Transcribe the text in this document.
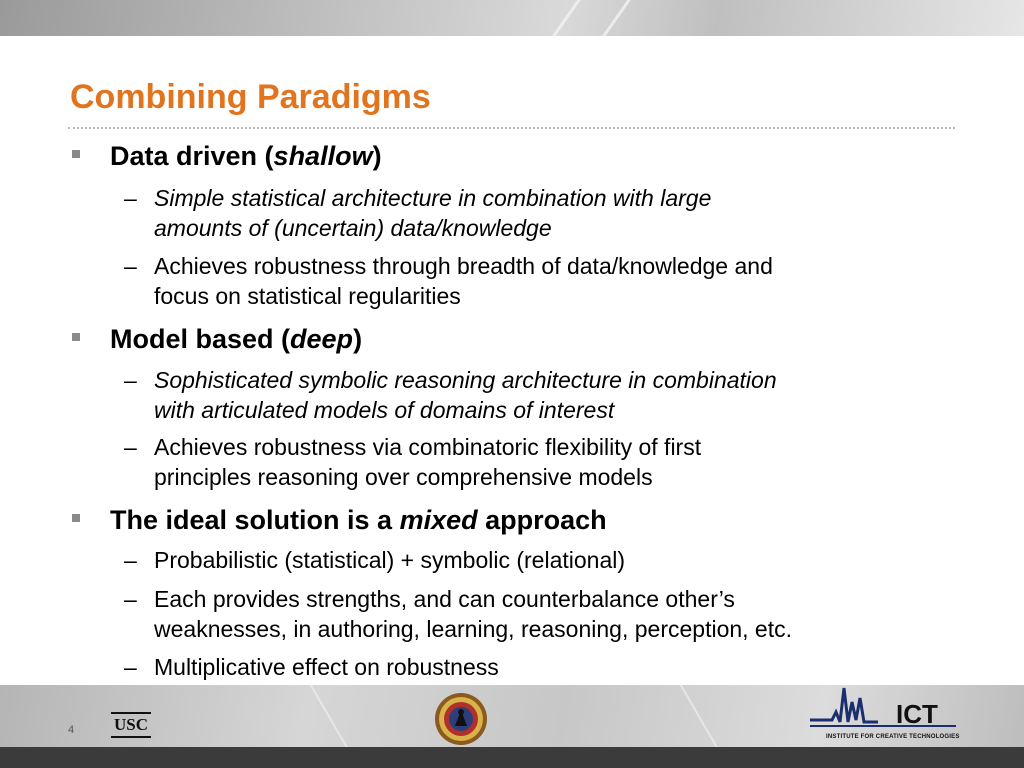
Combining Paradigms
Data driven (shallow)
– Simple statistical architecture in combination with large
amounts of (uncertain) data/knowledge
– Achieves robustness through breadth of data/knowledge and
focus on statistical regularities
Model based (deep)
– Sophisticated symbolic reasoning architecture in combination
with articulated models of domains of interest
– Achieves robustness via combinatoric flexibility of first
principles reasoning over comprehensive models
The ideal solution is a mixed approach
– Probabilistic (statistical) + symbolic (relational)
– Each provides strengths, and can counterbalance other’s
weaknesses, in authoring, learning, reasoning, perception, etc.
– Multiplicative effect on robustness
4 USC	ICT
INSTITUTE FOR CREATIVE TECHNOLOGIES
